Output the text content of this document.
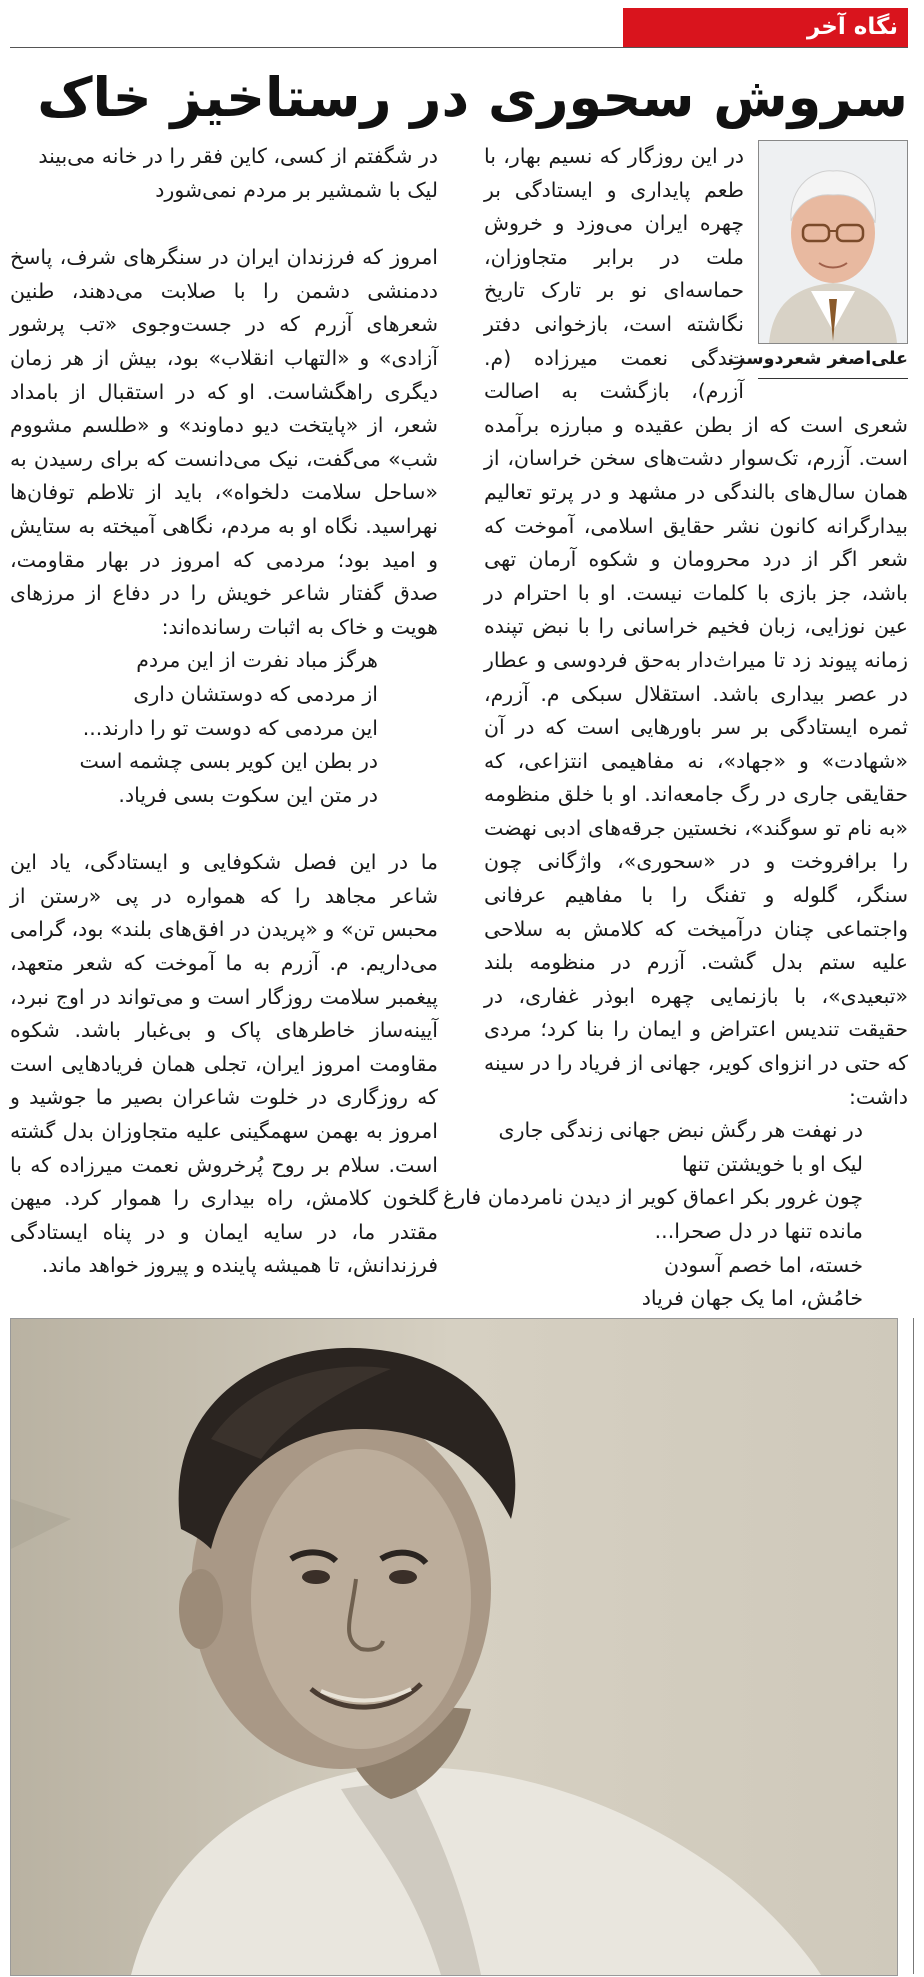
نگاه آخر
سروش سحوری در رستاخیز خاک
علی‌اصغر شعردوست

در این روزگار که نسیم بهار، با طعم پایداری و ایستادگی بر چهره ایران می‌وزد و خروش ملت در برابر متجاوزان، حماسه‌ای نو بر تارک تاریخ نگاشته است، بازخوانی دفتر زندگی نعمت میرزاده (م. آزرم)، بازگشت به اصالت شعری است که از بطن عقیده و مبارزه برآمده است. آزرم، تک‌سوار دشت‌های سخن خراسان، از همان سال‌های بالندگی در مشهد و در پرتو تعالیم بیدارگرانه کانون نشر حقایق اسلامی، آموخت که شعر اگر از درد محرومان و شکوه آرمان تهی باشد، جز بازی با کلمات نیست. او با احترام در عین نوزایی، زبان فخیم خراسانی را با نبض تپنده زمانه پیوند زد تا میراث‌دار به‌حق فردوسی و عطار در عصر بیداری باشد. استقلال سبکی م. آزرم، ثمره ایستادگی بر سر باورهایی است که در آن «شهادت» و «جهاد»، نه مفاهیمی انتزاعی، که حقایقی جاری در رگ جامعه‌اند. او با خلق منظومه «به نام تو سوگند»، نخستین جرقه‌های ادبی نهضت را برافروخت و در «سحوری»، واژگانی چون سنگر، گلوله و تفنگ را با مفاهیم عرفانی واجتماعی چنان درآمیخت که کلامش به سلاحی علیه ستم بدل گشت. آزرم در منظومه بلند «تبعیدی»، با بازنمایی چهره ابوذر غفاری، در حقیقت تندیس اعتراض و ایمان را بنا کرد؛ مردی که حتی در انزوای کویر، جهانی از فریاد را در سینه داشت:

در نهفت هر رگش نبض جهانی زندگی جاری
لیک او با خویشتن تنها
چون غرور بکر اعماق کویر از دیدن نامردمان فارغ
مانده تنها در دل صحرا...
خسته، اما خصم آسودن
خامُش، اما یک جهان فریاد
در شگفتم از کسی، کاین فقر را در خانه می‌بیند
لیک با شمشیر بر مردم نمی‌شورد

امروز که فرزندان ایران در سنگرهای شرف، پاسخ ددمنشی دشمن را با صلابت می‌دهند، طنین شعرهای آزرم که در جست‌وجوی «تب پرشور آزادی» و «التهاب انقلاب» بود، بیش از هر زمان دیگری راهگشاست. او که در استقبال از بامداد شعر، از «پایتخت دیو دماوند» و «طلسم مشووم شب» می‌گفت، نیک می‌دانست که برای رسیدن به «ساحل سلامت دلخواه»، باید از تلاطم توفان‌ها نهراسید. نگاه او به مردم، نگاهی آمیخته به ستایش و امید بود؛ مردمی که امروز در بهار مقاومت، صدق گفتار شاعر خویش را در دفاع از مرزهای هویت و خاک به اثبات رسانده‌اند:

هرگز مباد نفرت از این مردم
از مردمی که دوستشان داری
این مردمی که دوست تو را دارند...
در بطن این کویر بسی چشمه است
در متن این سکوت بسی فریاد.

ما در این فصل شکوفایی و ایستادگی، یاد این شاعر مجاهد را که همواره در پی «رستن از محبس تن» و «پریدن در افق‌های بلند» بود، گرامی می‌داریم. م. آزرم به ما آموخت که شعر متعهد، پیغمبر سلامت روزگار است و می‌تواند در اوج نبرد، آیینه‌ساز خاطرهای پاک و بی‌غبار باشد. شکوه مقاومت امروز ایران، تجلی همان فریادهایی است که روزگاری در خلوت شاعران بصیر ما جوشید و امروز به بهمن سهمگینی علیه متجاوزان بدل گشته است. سلام بر روح پُرخروش نعمت میرزاده که با گلخون کلامش، راه بیداری را هموار کرد. میهن مقتدر ما، در سایه ایمان و در پناه ایستادگی فرزندانش، تا همیشه پاینده و پیروز خواهد ماند.
